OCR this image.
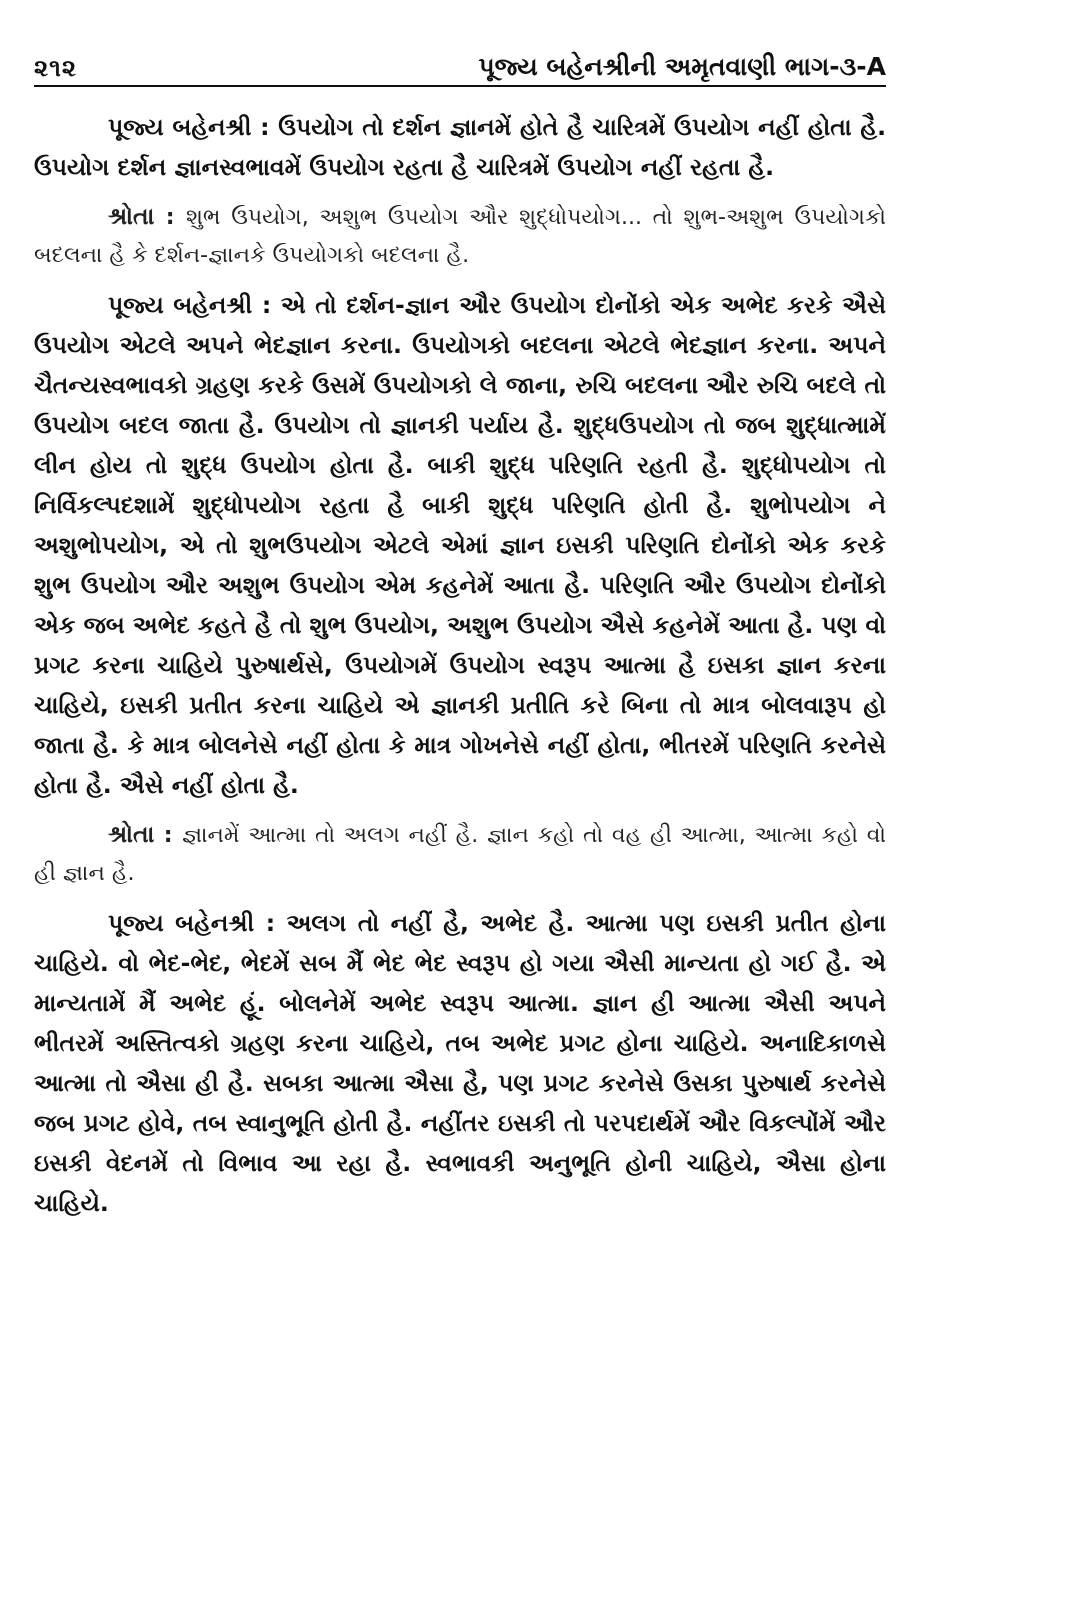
૨૧૨	પૂજ્ય બહેનશ્રીની અમૃતવાણી ભાગ-૩-A

પૂજ્ય બહેનશ્રી : ઉપયોગ તો દર્શન જ્ઞાનમેં હોતે હૈ ચારિત્રમેં ઉપયોગ નહીં હોતા હૈ. ઉપયોગ દર્શન જ્ઞાનસ્વભાવમેં ઉપયોગ રહતા હૈ ચારિત્રમેં ઉપયોગ નહીં રહતા હૈ.

શ્રોતા : શુભ ઉપયોગ, અશુભ ઉપયોગ ઔર શુદ્ધોપયોગ... તો શુભ-અશુભ ઉપયોગકો બદલના હૈ કે દર્શન-જ્ઞાનકે ઉપયોગકો બદલના હૈ.

પૂજ્ય બહેનશ્રી : એ તો દર્શન-જ્ઞાન ઔર ઉપયોગ દોનોંકો એક અભેદ કરકે ઐસે ઉપયોગ એટલે અપને ભેદજ્ઞાન કરના. ઉપયોગકો બદલના એટલે ભેદજ્ઞાન કરના. અપને ચૈતન્યસ્વભાવકો ગ્રહણ કરકે ઉસમેં ઉપયોગકો લે જાના, રુચિ બદલના ઔર રુચિ બદલે તો ઉપયોગ બદલ જાતા હૈ. ઉપયોગ તો જ્ઞાનકી પર્યાય હૈ. શુદ્ધઉપયોગ તો જબ શુદ્ધાત્મામેં લીન હોય તો શુદ્ધ ઉપયોગ હોતા હૈ. બાકી શુદ્ધ પરિણતિ રહતી હૈ. શુદ્ધોપયોગ તો નિર્વિકલ્પદશામેં શુદ્ધોપયોગ રહતા હૈ બાકી શુદ્ધ પરિણતિ હોતી હૈ. શુભોપયોગ ને અશુભોપયોગ, એ તો શુભઉપયોગ એટલે એમાં જ્ઞાન ઇસકી પરિણતિ દોનોંકો એક કરકે શુભ ઉપયોગ ઔર અશુભ ઉપયોગ એમ કહનેમેં આતા હૈ. પરિણતિ ઔર ઉપયોગ દોનોંકો એક જબ અભેદ કહતે હૈ તો શુભ ઉપયોગ, અશુભ ઉપયોગ ઐસે કહનેમેં આતા હૈ. પણ વો પ્રગટ કરના ચાહિયે પુરુષાર્થસે, ઉપયોગમેં ઉપયોગ સ્વરૂપ આત્મા હૈ ઇસકા જ્ઞાન કરના ચાહિયે, ઇસકી પ્રતીત કરના ચાહિયે એ જ્ઞાનકી પ્રતીતિ કરે બિના તો માત્ર બોલવારૂપ હો જાતા હૈ. કે માત્ર બોલનેસે નહીં હોતા કે માત્ર ગોખનેસે નહીં હોતા, ભીતરમેં પરિણતિ કરનેસે હોતા હૈ. ઐસે નહીં હોતા હૈ.

શ્રોતા : જ્ઞાનમેં આત્મા તો અલગ નહીં હૈ. જ્ઞાન કહો તો વહ હી આત્મા, આત્મા કહો વો હી જ્ઞાન હૈ.

પૂજ્ય બહેનશ્રી : અલગ તો નહીં હૈ, અભેદ હૈ. આત્મા પણ ઇસકી પ્રતીત હોના ચાહિયે. વો ભેદ-ભેદ, ભેદમેં સબ મૈં ભેદ ભેદ સ્વરૂપ હો ગયા ઐસી માન્યતા હો ગઈ હૈ. એ માન્યતામેં મૈં અભેદ હૂં. બોલનેમેં અભેદ સ્વરૂપ આત્મા. જ્ઞાન હી આત્મા ઐસી અપને ભીતરમેં અસ્તિત્વકો ગ્રહણ કરના ચાહિયે, તબ અભેદ પ્રગટ હોના ચાહિયે. અનાદિકાળસે આત્મા તો ઐસા હી હૈ. સબકા આત્મા ઐસા હૈ, પણ પ્રગટ કરનેસે ઉસકા પુરુષાર્થ કરનેસે જબ પ્રગટ હોવે, તબ સ્વાનુભૂતિ હોતી હૈ. નહીંતર ઇસકી તો પરપદાર્થમેં ઔર વિકલ્પોંમેં ઔર ઇસકી વેદનમેં તો વિભાવ આ રહા હૈ. સ્વભાવકી અનુભૂતિ હોની ચાહિયે, ઐસા હોના ચાહિયે.
